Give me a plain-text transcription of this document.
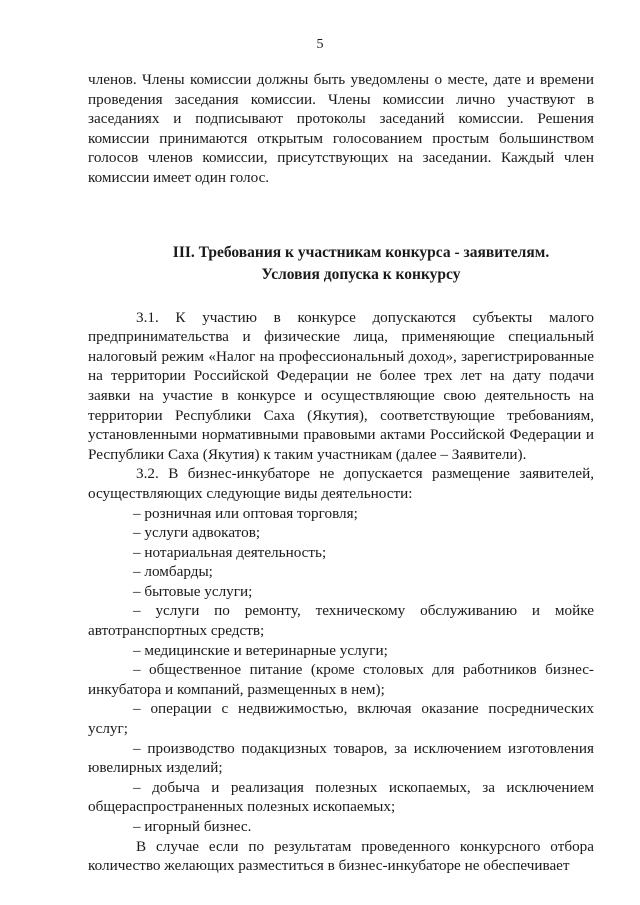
5

членов. Члены комиссии должны быть уведомлены о месте, дате и времени проведения заседания комиссии. Члены комиссии лично участвуют в заседаниях и подписывают протоколы заседаний комиссии. Решения комиссии принимаются открытым голосованием простым большинством голосов членов комиссии, присутствующих на заседании. Каждый член комиссии имеет один голос.

III. Требования к участникам конкурса - заявителям.
Условия допуска к конкурсу

3.1. К участию в конкурсе допускаются субъекты малого предпринимательства и физические лица, применяющие специальный налоговый режим «Налог на профессиональный доход», зарегистрированные на территории Российской Федерации не более трех лет на дату подачи заявки на участие в конкурсе и осуществляющие свою деятельность на территории Республики Саха (Якутия), соответствующие требованиям, установленными нормативными правовыми актами Российской Федерации и Республики Саха (Якутия) к таким участникам (далее – Заявители).

3.2. В бизнес-инкубаторе не допускается размещение заявителей, осуществляющих следующие виды деятельности:

– розничная или оптовая торговля;

– услуги адвокатов;

– нотариальная деятельность;

– ломбарды;

– бытовые услуги;

– услуги по ремонту, техническому обслуживанию и мойке автотранспортных средств;

– медицинские и ветеринарные услуги;

– общественное питание (кроме столовых для работников бизнес-инкубатора и компаний, размещенных в нем);

– операции с недвижимостью, включая оказание посреднических услуг;

– производство подакцизных товаров, за исключением изготовления ювелирных изделий;

– добыча и реализация полезных ископаемых, за исключением общераспространенных полезных ископаемых;

– игорный бизнес.

В случае если по результатам проведенного конкурсного отбора количество желающих разместиться в бизнес-инкубаторе не обеспечивает
